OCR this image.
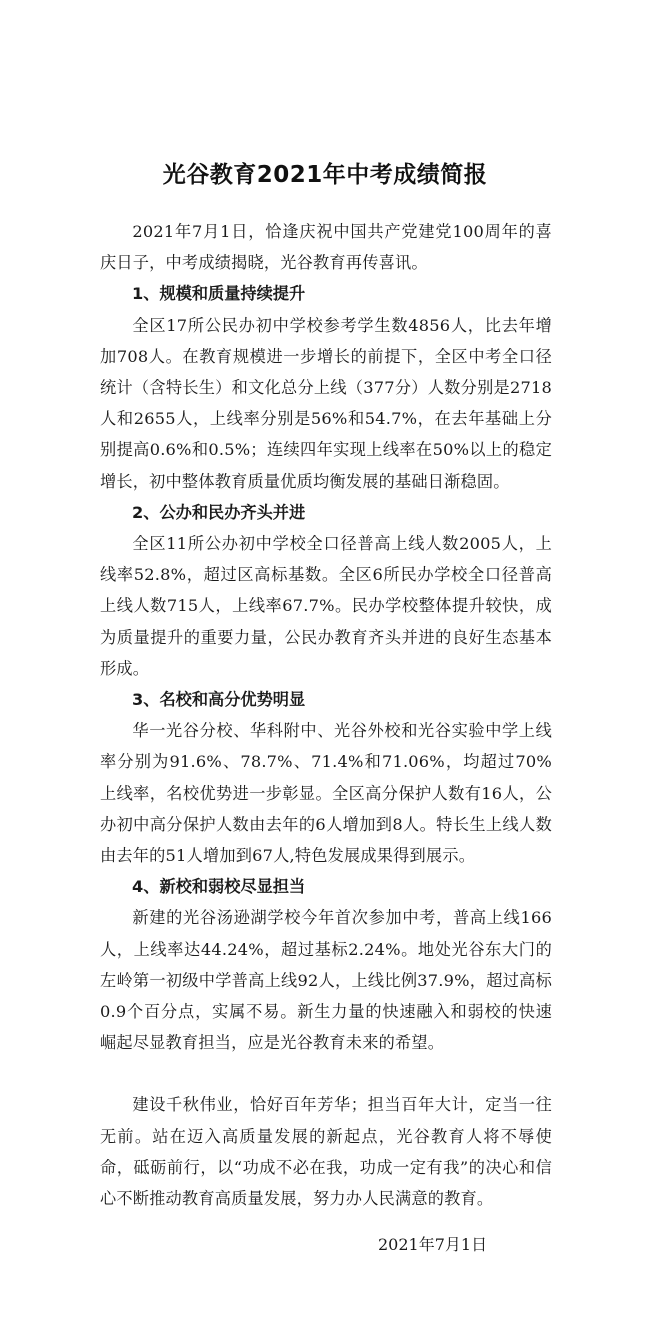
光谷教育2021年中考成绩简报

2021年7月1日，恰逢庆祝中国共产党建党100周年的喜庆日子，中考成绩揭晓，光谷教育再传喜讯。

1、规模和质量持续提升

全区17所公民办初中学校参考学生数4856人，比去年增加708人。在教育规模进一步增长的前提下，全区中考全口径统计（含特长生）和文化总分上线（377分）人数分别是2718人和2655人，上线率分别是56%和54.7%，在去年基础上分别提高0.6%和0.5%；连续四年实现上线率在50%以上的稳定增长，初中整体教育质量优质均衡发展的基础日渐稳固。

2、公办和民办齐头并进

全区11所公办初中学校全口径普高上线人数2005人，上线率52.8%，超过区高标基数。全区6所民办学校全口径普高上线人数715人，上线率67.7%。民办学校整体提升较快，成为质量提升的重要力量，公民办教育齐头并进的良好生态基本形成。

3、名校和高分优势明显

华一光谷分校、华科附中、光谷外校和光谷实验中学上线率分别为91.6%、78.7%、71.4%和71.06%，均超过70%上线率，名校优势进一步彰显。全区高分保护人数有16人，公办初中高分保护人数由去年的6人增加到8人。特长生上线人数由去年的51人增加到67人,特色发展成果得到展示。

4、新校和弱校尽显担当

新建的光谷汤逊湖学校今年首次参加中考，普高上线166人，上线率达44.24%，超过基标2.24%。地处光谷东大门的左岭第一初级中学普高上线92人，上线比例37.9%，超过高标0.9个百分点，实属不易。新生力量的快速融入和弱校的快速崛起尽显教育担当，应是光谷教育未来的希望。

建设千秋伟业，恰好百年芳华；担当百年大计，定当一往无前。站在迈入高质量发展的新起点，光谷教育人将不辱使命，砥砺前行，以“功成不必在我，功成一定有我”的决心和信心不断推动教育高质量发展，努力办人民满意的教育。

2021年7月1日
